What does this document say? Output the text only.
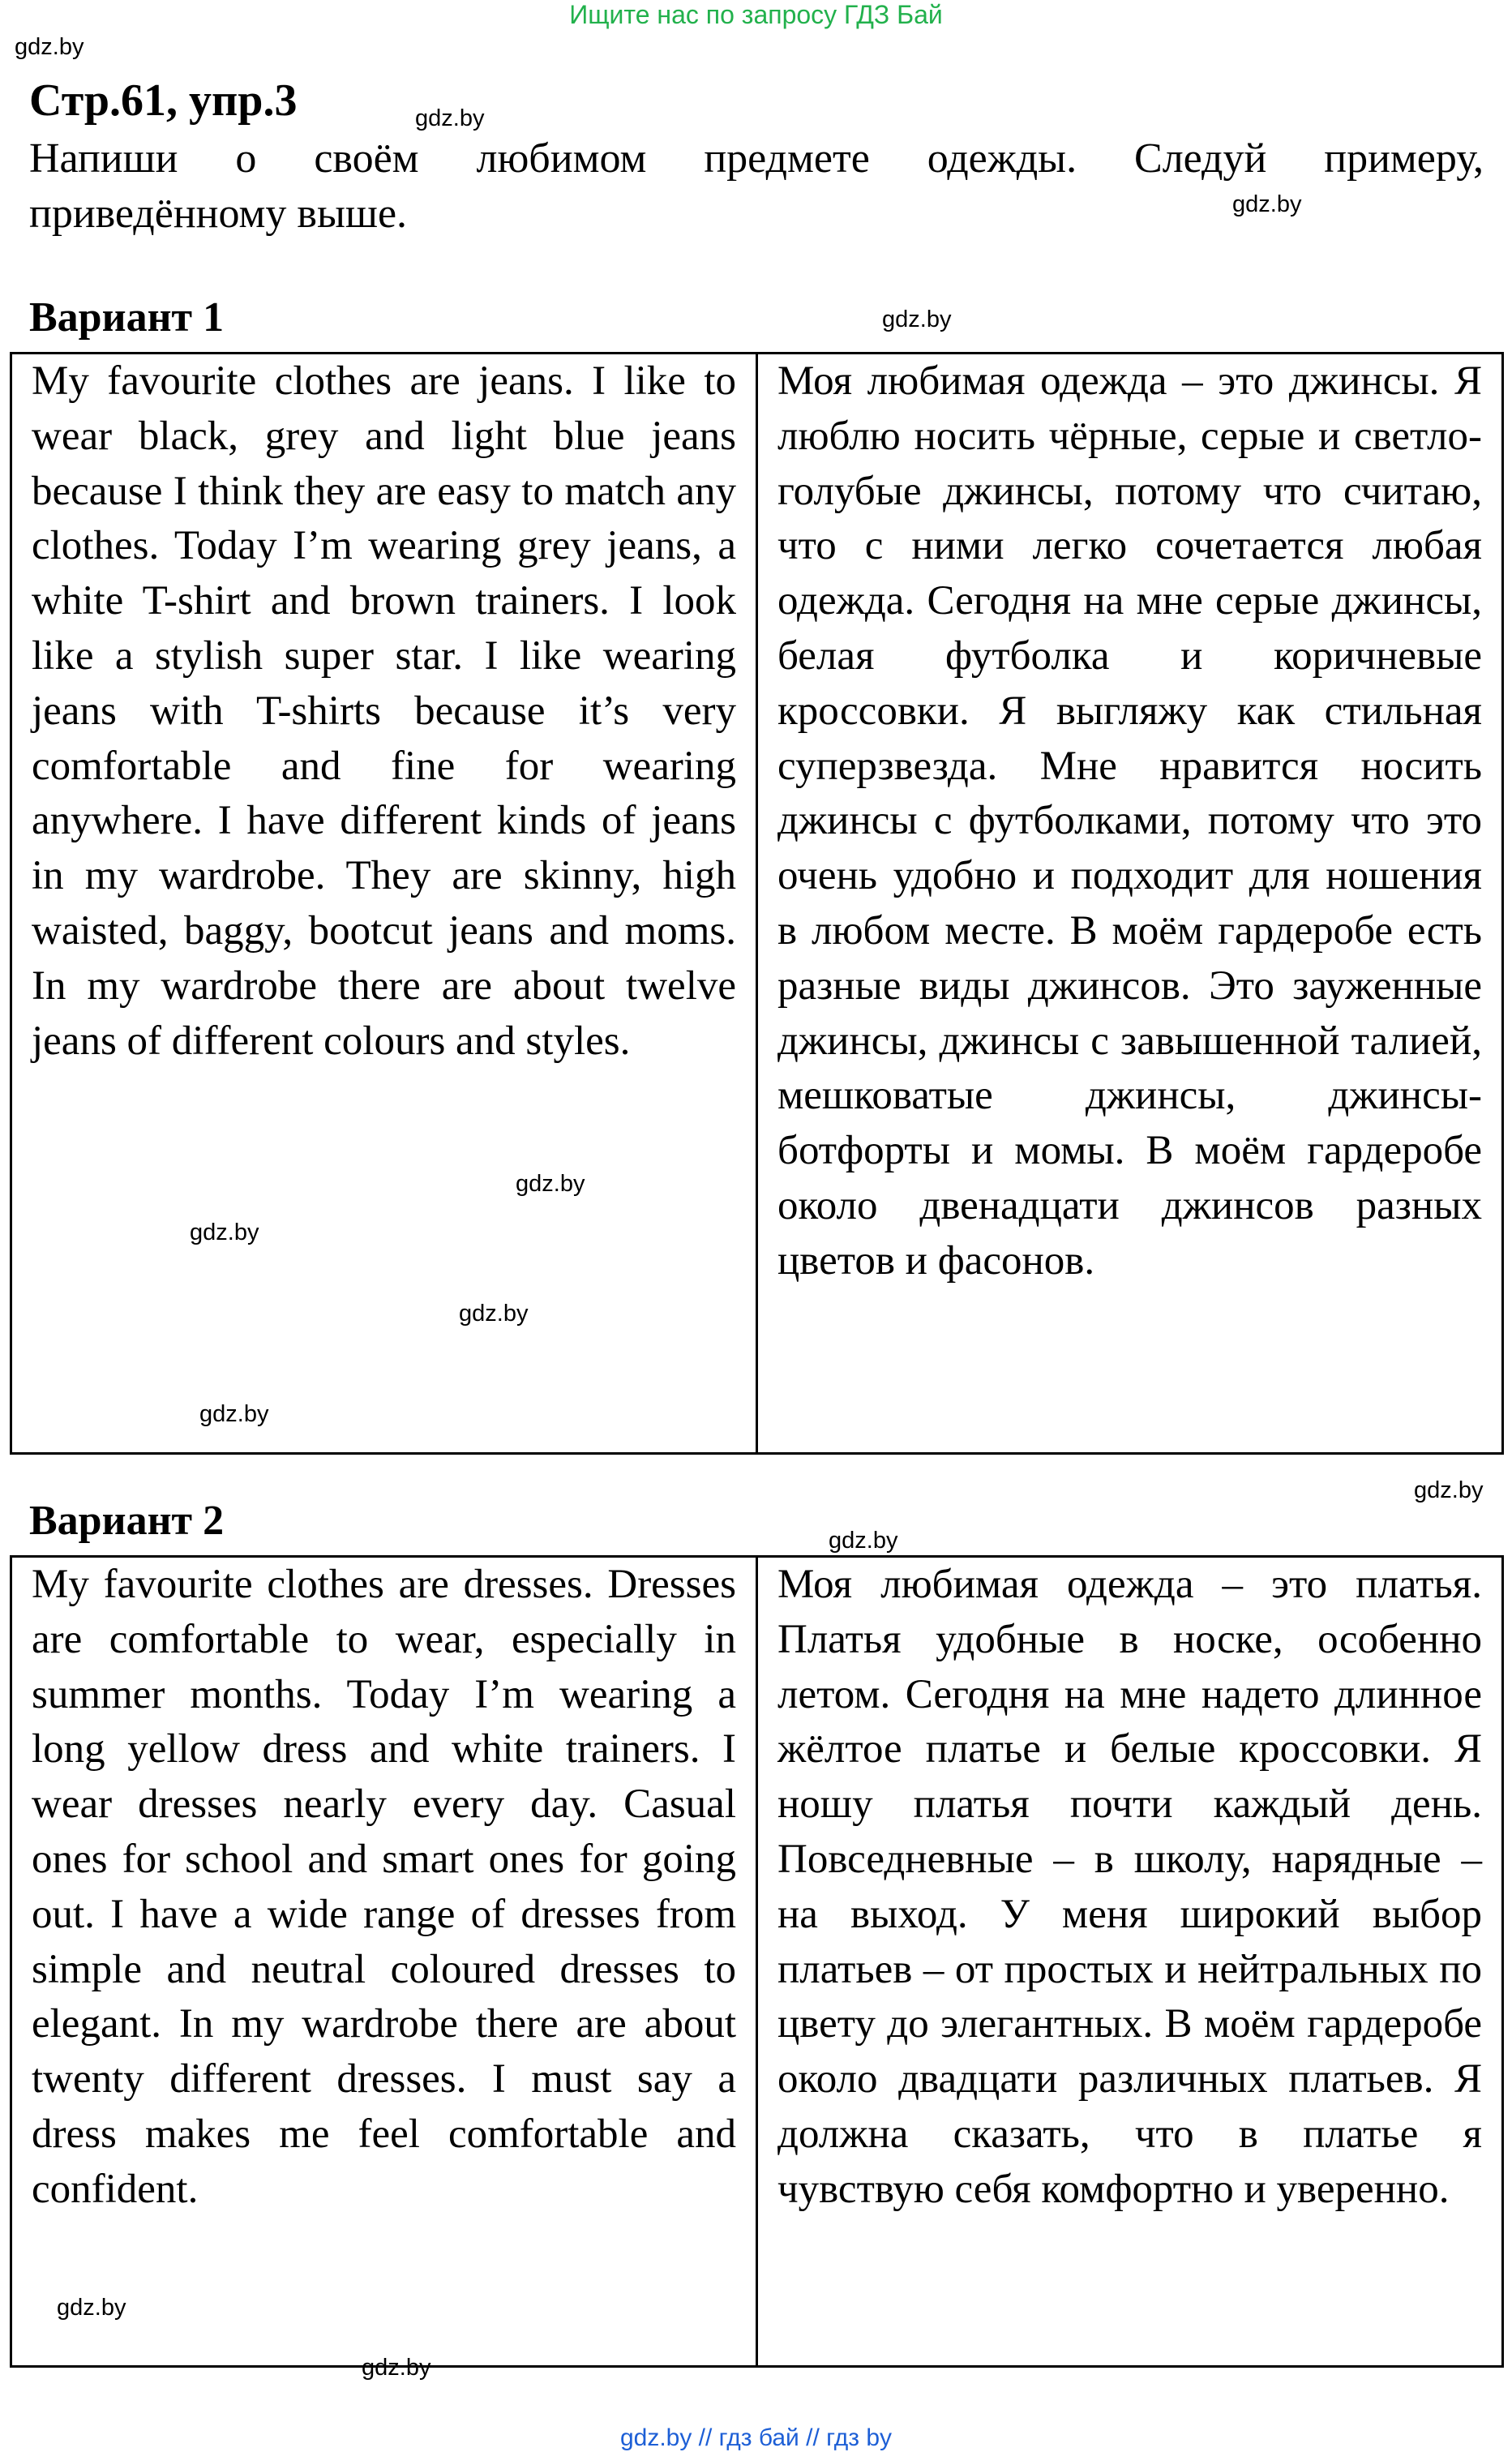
Ищите нас по запросу ГДЗ Бай
gdz.by
Стр.61, упр.3	gdz.by
Напиши о своём любимом предмете одежды. Следуй примеру,
приведённому выше.	gdz.by
Вариант 1	gdz.by
My favourite clothes are jeans. I like to wear black, grey and light blue jeans because I think they are easy to match any clothes. Today I’m wearing grey jeans, a white T-shirt and brown trainers. I look like a stylish super star. I like wearing jeans with T-shirts because it’s very comfortable and fine for wearing anywhere. I have different kinds of jeans in my wardrobe. They are skinny, high waisted, baggy, bootcut jeans and moms. In my wardrobe there are about twelve jeans of different colours and styles.	Моя любимая одежда – это джинсы. Я люблю носить чёрные, серые и светло-голубые джинсы, потому что считаю, что с ними легко сочетается любая одежда. Сегодня на мне серые джинсы, белая футболка и коричневые кроссовки. Я выгляжу как стильная суперзвезда. Мне нравится носить джинсы с футболками, потому что это очень удобно и подходит для ношения в любом месте. В моём гардеробе есть разные виды джинсов. Это зауженные джинсы, джинсы с завышенной талией, мешковатые джинсы, джинсы-ботфорты и момы. В моём гардеробе около двенадцати джинсов разных цветов и фасонов.
gdz.by
gdz.by
gdz.by
gdz.by
gdz.by
Вариант 2	gdz.by
My favourite clothes are dresses. Dresses are comfortable to wear, especially in summer months. Today I’m wearing a long yellow dress and white trainers. I wear dresses nearly every day. Casual ones for school and smart ones for going out. I have a wide range of dresses from simple and neutral coloured dresses to elegant. In my wardrobe there are about twenty different dresses. I must say a dress makes me feel comfortable and confident.	Моя любимая одежда – это платья. Платья удобные в носке, особенно летом. Сегодня на мне надето длинное жёлтое платье и белые кроссовки. Я ношу платья почти каждый день. Повседневные – в школу, нарядные – на выход. У меня широкий выбор платьев – от простых и нейтральных по цвету до элегантных. В моём гардеробе около двадцати различных платьев. Я должна сказать, что в платье я чувствую себя комфортно и уверенно.
gdz.by
gdz.by
gdz.by // гдз бай // гдз by
